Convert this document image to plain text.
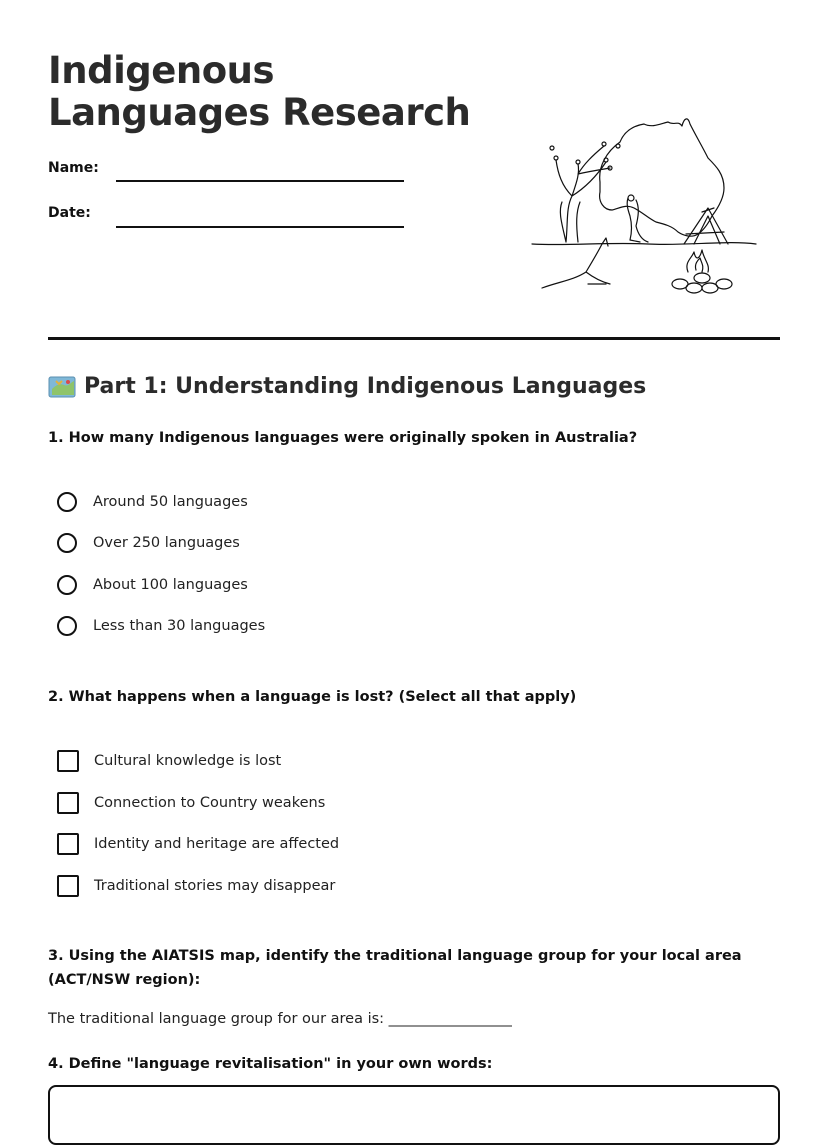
Indigenous Languages Research
Name:
Date:
Part 1: Understanding Indigenous Languages

1. How many Indigenous languages were originally spoken in Australia?

Around 50 languages
Over 250 languages
About 100 languages
Less than 30 languages

2. What happens when a language is lost? (Select all that apply)

Cultural knowledge is lost
Connection to Country weakens
Identity and heritage are affected
Traditional stories may disappear

3. Using the AIATSIS map, identify the traditional language group for your local area (ACT/NSW region):

The traditional language group for our area is: _________________

4. Define "language revitalisation" in your own words:
